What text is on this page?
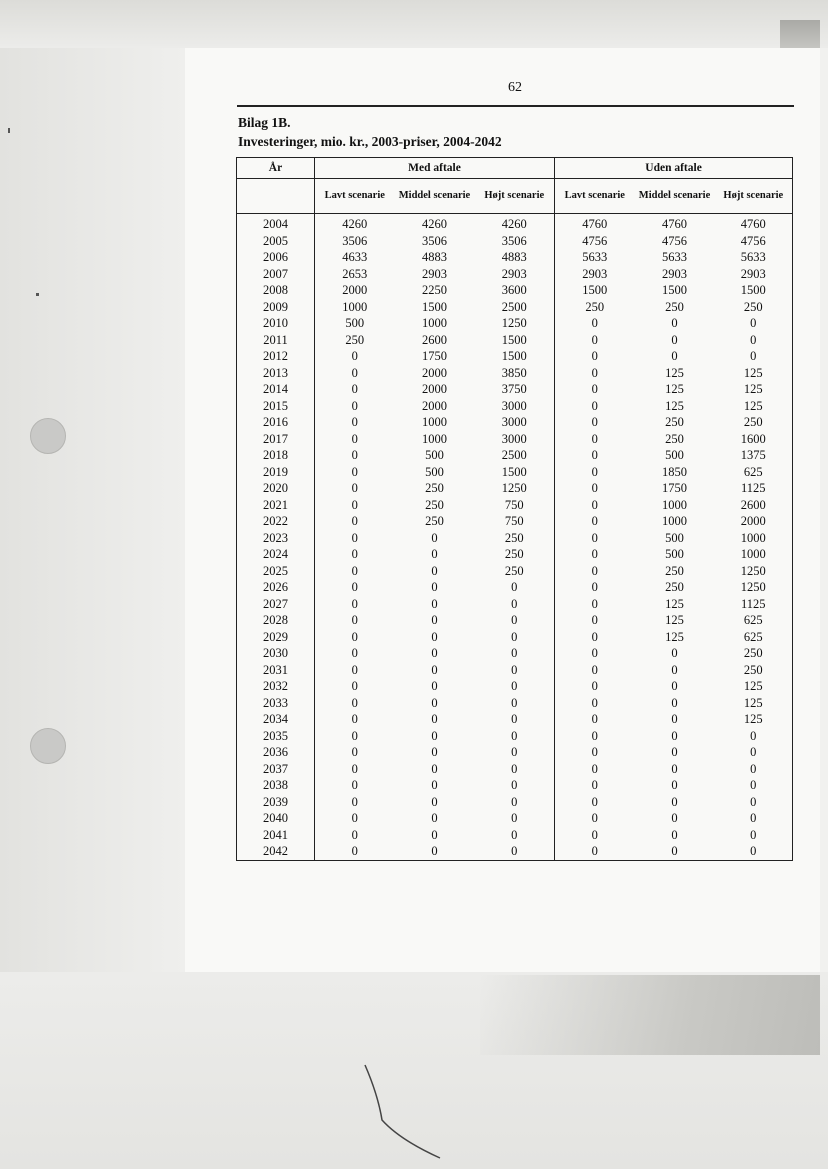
62
Bilag 1B.
Investeringer, mio. kr., 2003-priser, 2004-2042
År	Med aftale			Uden aftale		
	Lavt scenarie	Middel scenarie	Højt scenarie	Lavt scenarie	Middel scenarie	Højt scenarie
2004	4260	4260	4260	4760	4760	4760
2005	3506	3506	3506	4756	4756	4756
2006	4633	4883	4883	5633	5633	5633
2007	2653	2903	2903	2903	2903	2903
2008	2000	2250	3600	1500	1500	1500
2009	1000	1500	2500	250	250	250
2010	500	1000	1250	0	0	0
2011	250	2600	1500	0	0	0
2012	0	1750	1500	0	0	0
2013	0	2000	3850	0	125	125
2014	0	2000	3750	0	125	125
2015	0	2000	3000	0	125	125
2016	0	1000	3000	0	250	250
2017	0	1000	3000	0	250	1600
2018	0	500	2500	0	500	1375
2019	0	500	1500	0	1850	625
2020	0	250	1250	0	1750	1125
2021	0	250	750	0	1000	2600
2022	0	250	750	0	1000	2000
2023	0	0	250	0	500	1000
2024	0	0	250	0	500	1000
2025	0	0	250	0	250	1250
2026	0	0	0	0	250	1250
2027	0	0	0	0	125	1125
2028	0	0	0	0	125	625
2029	0	0	0	0	125	625
2030	0	0	0	0	0	250
2031	0	0	0	0	0	250
2032	0	0	0	0	0	125
2033	0	0	0	0	0	125
2034	0	0	0	0	0	125
2035	0	0	0	0	0	0
2036	0	0	0	0	0	0
2037	0	0	0	0	0	0
2038	0	0	0	0	0	0
2039	0	0	0	0	0	0
2040	0	0	0	0	0	0
2041	0	0	0	0	0	0
2042	0	0	0	0	0	0
